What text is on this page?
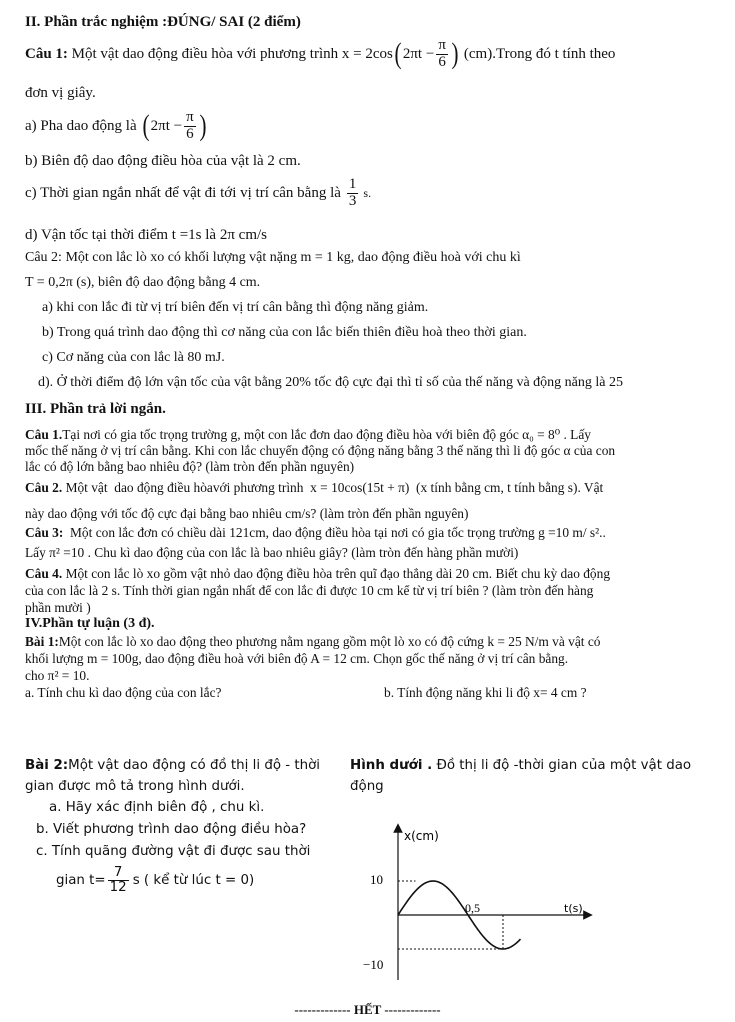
II. Phần trắc nghiệm :ĐÚNG/ SAI (2 điểm)
Câu 1: Một vật dao động điều hòa với phương trình x = 2cos ( $2\pi t - \frac{\pi}{6}$ ) (cm). Trong đó t tính theo
đơn vị giây.
a) Pha dao động là ( $2\pi t - \frac{\pi}{6}$ )
b) Biên độ dao động điều hòa của vật là 2 cm.
c) Thời gian ngắn nhất để vật đi tới vị trí cân bằng là $\frac{1}{3} s$.
d) Vận tốc tại thời điểm t =1s là 2π cm/s
Câu 2: Một con lắc lò xo có khối lượng vật nặng m = 1 kg, dao động điều hoà với chu kì
T = 0,2π (s), biên độ dao động bằng 4 cm.
a) khi con lắc đi từ vị trí biên đến vị trí cân bằng thì động năng giảm.
b) Trong quá trình dao động thì cơ năng của con lắc biến thiên điều hoà theo thời gian.
c) Cơ năng của con lắc là 80 mJ.
d). Ở thời điểm độ lớn vận tốc của vật bằng 20% tốc độ cực đại thì tỉ số của thế năng và động năng là 25
III. Phần trả lời ngắn.
Câu 1.Tại nơi có gia tốc trọng trường g, một con lắc đơn dao động điều hòa với biên độ góc α₀ = 8⁰ . Lấy
mốc thế năng ở vị trí cân bằng. Khi con lắc chuyển động có động năng bằng 3 thế năng thì li độ góc α của con
lắc có độ lớn bằng bao nhiêu độ? (làm tròn đến phần nguyên)
Câu 2. Một vật  dao động điều hòavới phương trình  x = 10cos(15t + π)  (x tính bằng cm, t tính bằng s). Vật
này dao động với tốc độ cực đại bằng bao nhiêu cm/s? (làm tròn đến phần nguyên)
Câu 3:  Một con lắc đơn có chiều dài 121cm, dao động điều hòa tại nơi có gia tốc trọng trường g =10 m/ s²..
Lấy π² =10 . Chu kì dao động của con lắc là bao nhiêu giây? (làm tròn đến hàng phần mười)
Câu 4. Một con lắc lò xo gồm vật nhỏ dao động điều hòa trên quĩ đạo thẳng dài 20 cm. Biết chu kỳ dao động
của con lắc là 2 s. Tính thời gian ngắn nhất để con lắc đi được 10 cm kể từ vị trí biên ? (làm tròn đến hàng
phần mười )
IV.Phần tự luận (3 đ).
Bài 1:Một con lắc lò xo dao động theo phương nằm ngang gồm một lò xo có độ cứng k = 25 N/m và vật có
khối lượng m = 100g, dao động điều hoà với biên độ A = 12 cm. Chọn gốc thế năng ở vị trí cân bằng.
cho π² = 10.
a. Tính chu kì dao động của con lắc?	b. Tính động năng khi li độ x= 4 cm ?
Bài 2:Một vật dao động có đồ thị li độ - thời
gian được mô tả trong hình dưới.
a. Hãy xác định biên độ , chu kì.
b. Viết phương trình dao động điều hòa?
c. Tính quãng đường vật đi được sau thời
gian $t= \frac{7}{12}$ s ( kể từ lúc t = 0)
Hình dưới . Đồ thị li độ -thời gian của một vật dao
động
x(cm)
t(s)
10
−10
0,5
------------- HẾT -------------
